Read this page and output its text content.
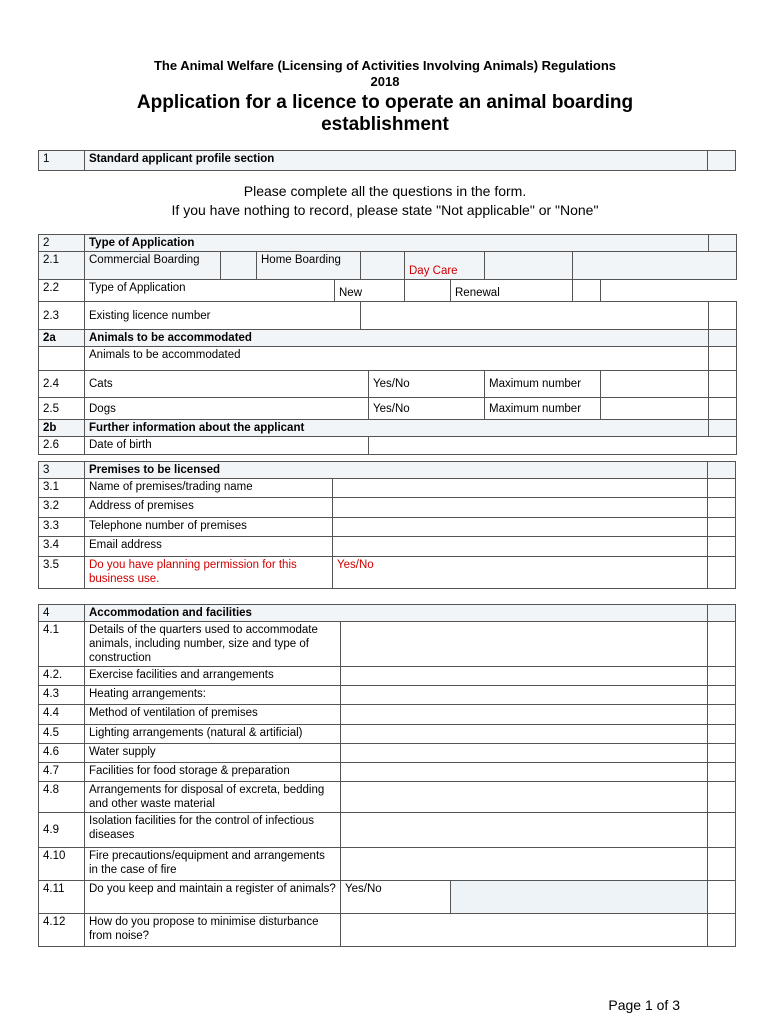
The Animal Welfare (Licensing of Activities Involving Animals) Regulations
2018
Application for a licence to operate an animal boarding
establishment
1	Standard applicant profile section	
Please complete all the questions in the form.
If you have nothing to record, please state "Not applicable" or "None"
2	Type of Application											
2.1	Commercial Boarding		Home Boarding				Day Care					
2.2	Type of Application			New				Renewal				
2.3	Existing licence number											
2a	Animals to be accommodated											
	Animals to be accommodated											
2.4	Cats					Yes/No			Maximum number			
2.5	Dogs					Yes/No			Maximum number			
2b	Further information about the applicant											
2.6	Date of birth											
3	Premises to be licensed		
3.1	Name of premises/trading name		
3.2	Address of premises		
3.3	Telephone number of premises		
3.4	Email address		
3.5	Do you have planning permission for this business use.	Yes/No	
4	Accommodation and facilities			
4.1	Details of the quarters used to accommodate animals, including number, size and type of construction			
4.2.	Exercise facilities and arrangements			
4.3	Heating arrangements:			
4.4	Method of ventilation of premises			
4.5	Lighting arrangements (natural & artificial)			
4.6	Water supply			
4.7	Facilities for food storage & preparation			
4.8	Arrangements for disposal of excreta, bedding and other waste material			
4.9	Isolation facilities for the control of infectious diseases			
4.10	Fire precautions/equipment and arrangements in the case of fire			
4.11	Do you keep and maintain a register of animals?	Yes/No		
4.12	How do you propose to minimise disturbance from noise?			
Page 1 of 3
